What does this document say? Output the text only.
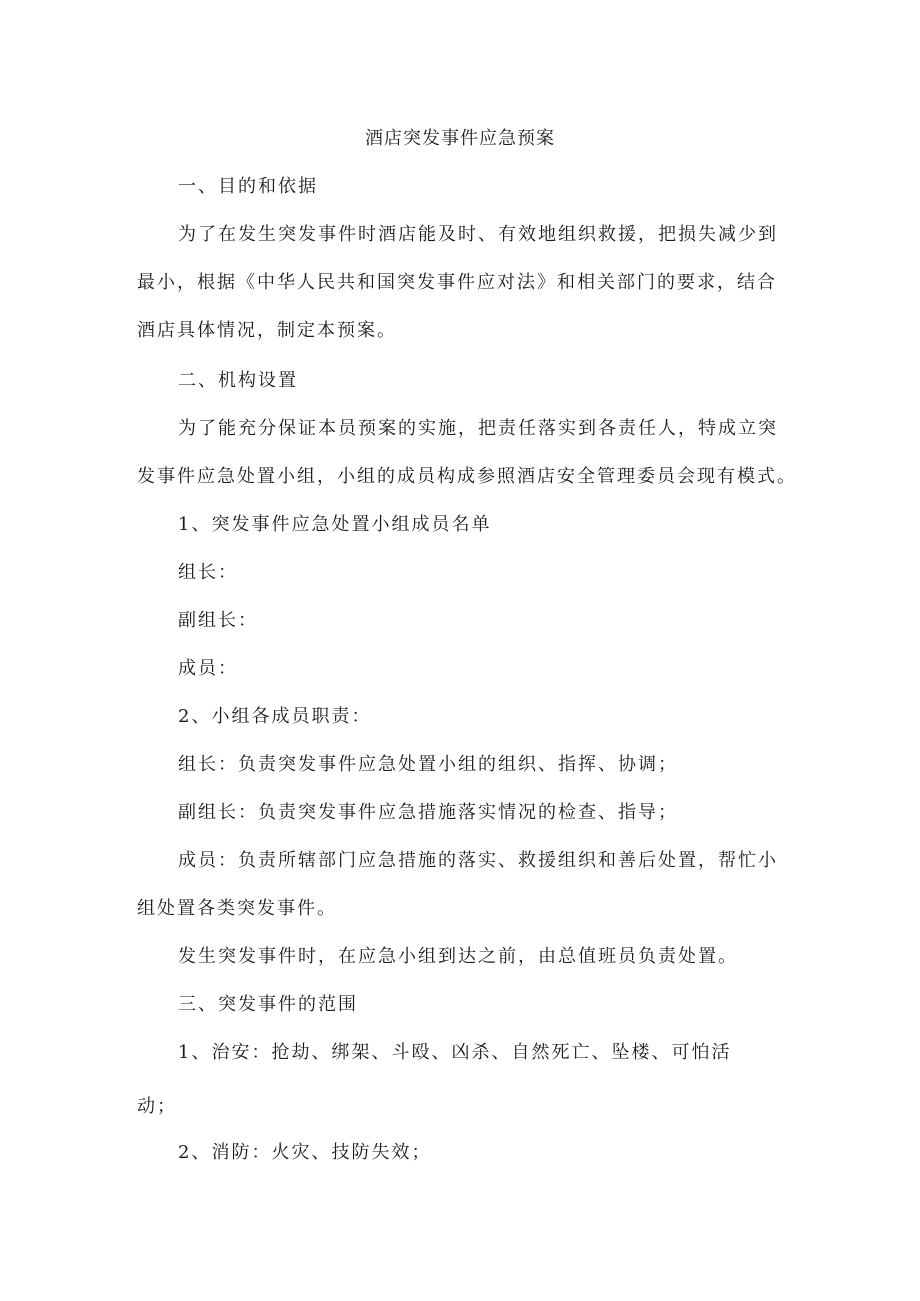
酒店突发事件应急预案
一、目的和依据
为了在发生突发事件时酒店能及时、有效地组织救援，把损失减少到
最小，根据《中华人民共和国突发事件应对法》和相关部门的要求，结合
酒店具体情况，制定本预案。
二、机构设置
为了能充分保证本员预案的实施，把责任落实到各责任人，特成立突
发事件应急处置小组，小组的成员构成参照酒店安全管理委员会现有模式。
1、突发事件应急处置小组成员名单
组长：
副组长：
成员：
2、小组各成员职责：
组长：负责突发事件应急处置小组的组织、指挥、协调；
副组长：负责突发事件应急措施落实情况的检查、指导；
成员：负责所辖部门应急措施的落实、救援组织和善后处置，帮忙小
组处置各类突发事件。
发生突发事件时，在应急小组到达之前，由总值班员负责处置。
三、突发事件的范围
1、治安：抢劫、绑架、斗殴、凶杀、自然死亡、坠楼、可怕活
动；
2、消防：火灾、技防失效；
